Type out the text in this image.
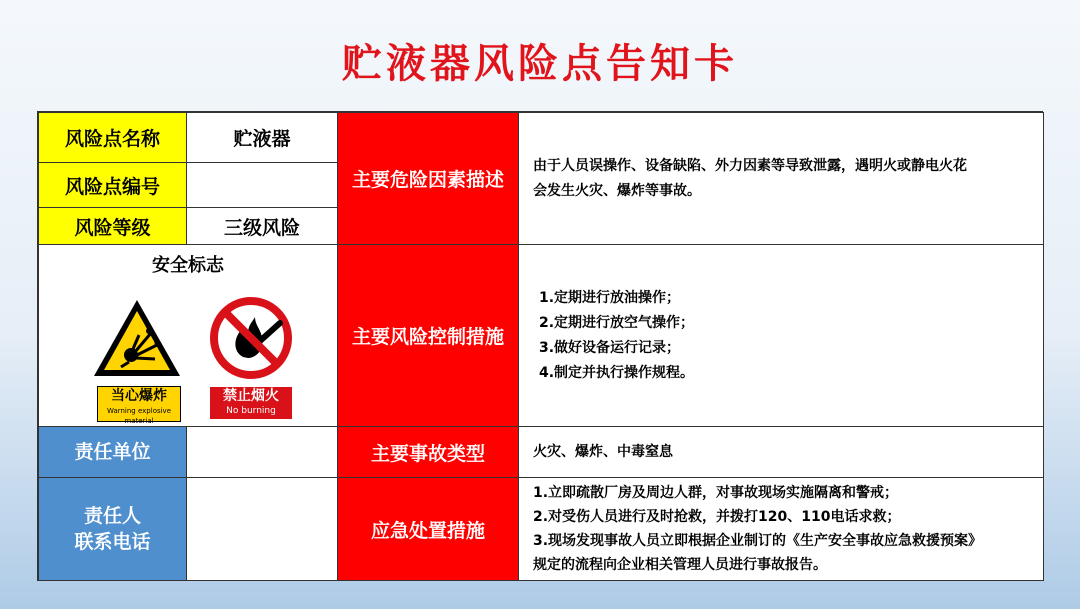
贮液器风险点告知卡
风险点名称	贮液器
风险点编号
风险等级	三级风险
安全标志
当心爆炸
Warning explosive material
禁止烟火
No burning
责任单位
责任人
联系电话
主要危险因素描述
主要风险控制措施
主要事故类型
应急处置措施
由于人员误操作、设备缺陷、外力因素等导致泄露，遇明火或静电火花
会发生火灾、爆炸等事故。
1.定期进行放油操作；
2.定期进行放空气操作；
3.做好设备运行记录；
4.制定并执行操作规程。
火灾、爆炸、中毒窒息
1.立即疏散厂房及周边人群，对事故现场实施隔离和警戒；
2.对受伤人员进行及时抢救，并拨打120、110电话求救；
3.现场发现事故人员立即根据企业制订的《生产安全事故应急救援预案》
规定的流程向企业相关管理人员进行事故报告。
